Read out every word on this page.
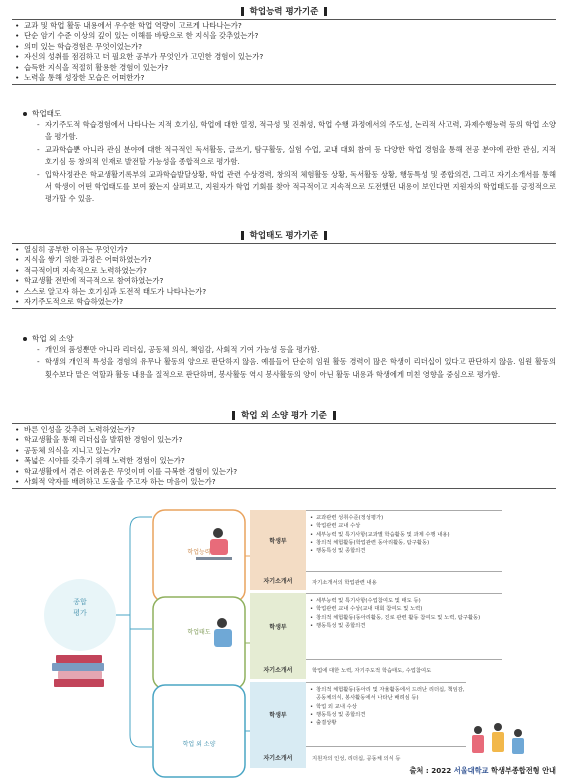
학업능력 평가기준
• 교과 및 학업 활동 내용에서 우수한 학업 역량이 고르게 나타나는가?
• 단순 암기 수준 이상의 깊이 있는 이해를 바탕으로 한 지식을 갖추었는가?
• 의미 있는 학습경험은 무엇이었는가?
• 자신의 성취를 점검하고 더 필요한 공부가 무엇인가 고민한 경험이 있는가?
• 습득한 지식을 적절히 활용한 경험이 있는가?
• 노력을 통해 성장한 모습은 어떠한가?
학업태도
- 자기주도적 학습경험에서 나타나는 지적 호기심, 학업에 대한 열정, 적극성 및 진취성, 학업 수행 과정에서의 주도성, 논리적 사고력, 과제수행능력 등의 학업 소양을 평가함.
- 교과학습뿐 아니라 관심 분야에 대한 적극적인 독서활동, 글쓰기, 탐구활동, 실험 수업, 교내 대회 참여 등 다양한 학업 경험을 통해 전공 분야에 관한 관심, 지적 호기심 등 창의적 인재로 발전할 가능성을 종합적으로 평가함.
- 입학사정관은 학교생활기록부의 교과학습발달상황, 학업 관련 수상경력, 창의적 체험활동 상황, 독서활동 상황, 행동특성 및 종합의견, 그리고 자기소개서를 통해서 학생이 어떤 학업태도를 보여 왔는지 살펴보고, 지원자가 학업 기회를 찾아 적극적이고 지속적으로 도전했던 내용이 보인다면 지원자의 학업태도를 긍정적으로 평가할 수 있음.
학업태도 평가기준
• 열심히 공부한 이유는 무엇인가?
• 지식을 쌓기 위한 과정은 어떠하였는가?
• 적극적이며 지속적으로 노력하였는가?
• 학교생활 전반에 적극적으로 참여하였는가?
• 스스로 알고자 하는 호기심과 도전적 태도가 나타나는가?
• 자기주도적으로 학습하였는가?
학업 외 소양
- 개인의 품성뿐만 아니라 리더십, 공동체 의식, 책임감, 사회적 기여 가능성 등을 평가함.
- 학생의 개인적 특성을 경험의 유무나 활동의 양으로 판단하지 않음. 예를들어 단순히 임원 활동 경력이 많은 학생이 리더십이 있다고 판단하지 않음. 임원 활동의 횟수보다 맡은 역할과 활동 내용을 질적으로 판단하며, 봉사활동 역시 봉사활동의 양이 아닌 활동 내용과 학생에게 미친 영향을 중심으로 평가함.
학업 외 소양 평가 기준
• 바른 인성을 갖추려 노력하였는가?
• 학교생활을 통해 리더십을 발휘한 경험이 있는가?
• 공동체 의식을 지니고 있는가?
• 폭넓은 시야를 갖추기 위해 노력한 경험이 있는가?
• 학교생활에서 겪은 어려움은 무엇이며 이를 극복한 경험이 있는가?
• 사회적 약자를 배려하고 도움을 주고자 하는 마음이 있는가?
종합
평가
학업능력
학업태도
학업 외 소양
학생부
자기소개서
학생부
자기소개서
학생부
자기소개서
• 교과관련 성취수준(정성평가)
• 학업관련 교내 수상
• 세부능력 및 특기사항(교과별 학습활동 및 과제 수행 내용)
• 창의적 체험활동(학업관련 동아리활동, 탐구활동)
• 행동특성 및 종합의견
자기소개서의 학업관련 내용
• 세부능력 및 특기사항(수업참여도 및 태도 등)
• 학업관련 교내 수상(교내 대회 참여도 및 노력)
• 창의적 체험활동(동아리활동, 진로 관련 활동 참여도 및 노력, 탐구활동)
• 행동특성 및 종합의견
학업에 대한 노력, 자기주도적 학습태도, 수업참여도
• 창의적 체험활동(동아리 및 자율활동에서 드러난 리더십, 책임감, 공동체의식, 봉사활동에서 나타난 배려심 등)
• 학업 외 교내 수상
• 행동특성 및 종합의견
• 출결상황
지원자의 인성, 리더십, 공동체 의식 등
출처 : 2022 서울대학교 학생부종합전형 안내
